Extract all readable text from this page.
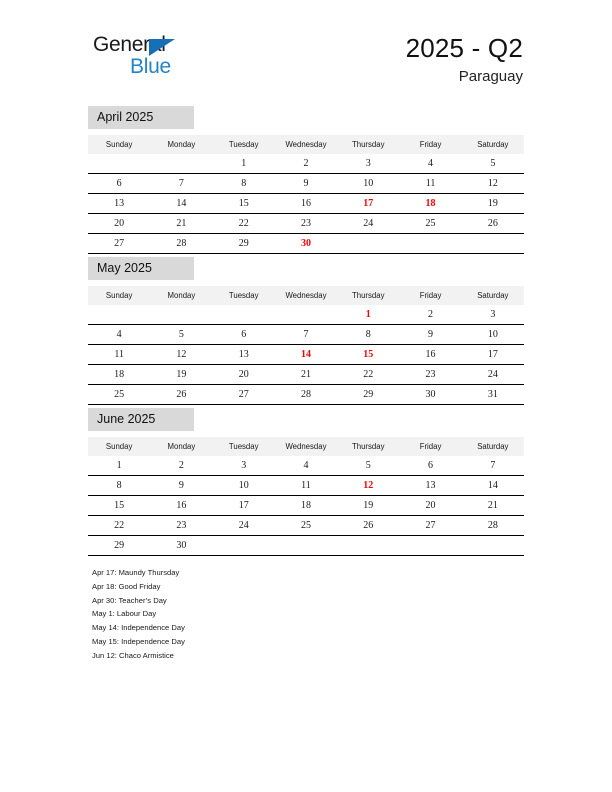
General
Blue
2025 - Q2
Paraguay
April 2025
Sunday	Monday	Tuesday	Wednesday	Thursday	Friday	Saturday
		1	2	3	4	5
6	7	8	9	10	11	12
13	14	15	16	17	18	19
20	21	22	23	24	25	26
27	28	29	30			
May 2025
Sunday	Monday	Tuesday	Wednesday	Thursday	Friday	Saturday
				1	2	3
4	5	6	7	8	9	10
11	12	13	14	15	16	17
18	19	20	21	22	23	24
25	26	27	28	29	30	31
June 2025
Sunday	Monday	Tuesday	Wednesday	Thursday	Friday	Saturday
1	2	3	4	5	6	7
8	9	10	11	12	13	14
15	16	17	18	19	20	21
22	23	24	25	26	27	28
29	30					
Apr 17: Maundy Thursday
Apr 18: Good Friday
Apr 30: Teacher’s Day
May 1: Labour Day
May 14: Independence Day
May 15: Independence Day
Jun 12: Chaco Armistice
